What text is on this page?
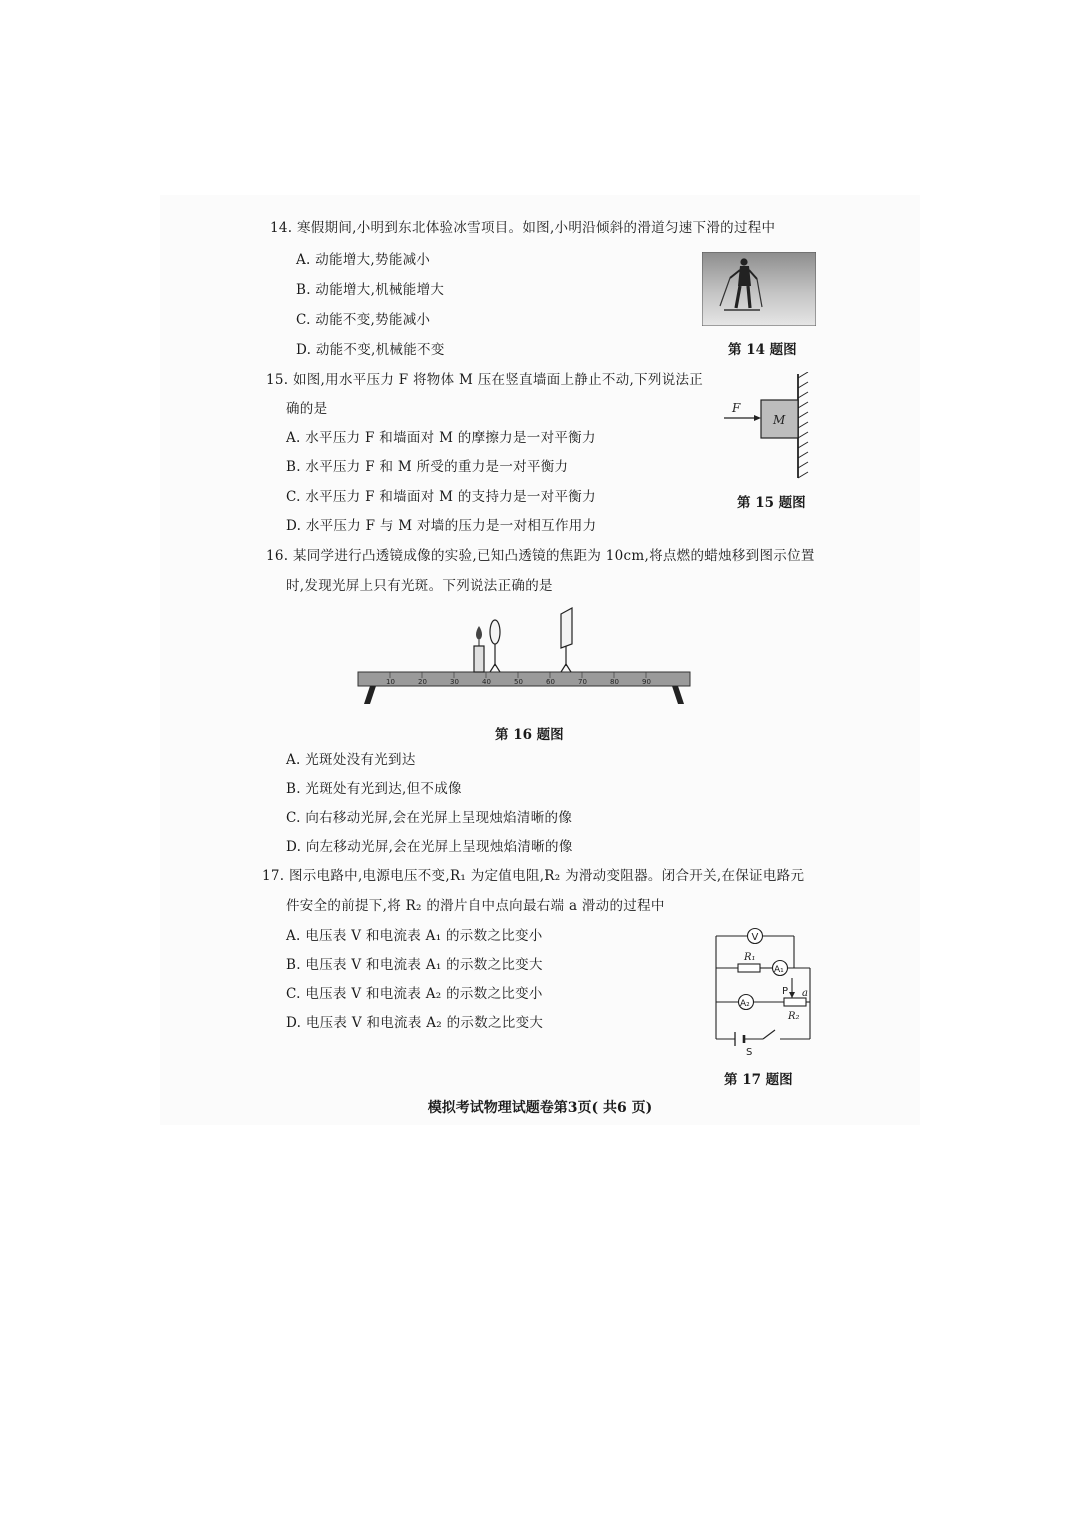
14. 寒假期间,小明到东北体验冰雪项目。如图,小明沿倾斜的滑道匀速下滑的过程中
A. 动能增大,势能减小
B. 动能增大,机械能增大
C. 动能不变,势能减小
D. 动能不变,机械能不变	第 14 题图
15. 如图,用水平压力 F 将物体 M 压在竖直墙面上静止不动,下列说法正
确的是
A. 水平压力 F 和墙面对 M 的摩擦力是一对平衡力
B. 水平压力 F 和 M 所受的重力是一对平衡力
C. 水平压力 F 和墙面对 M 的支持力是一对平衡力
D. 水平压力 F 与 M 对墙的压力是一对相互作用力
F
M
第 15 题图
16. 某同学进行凸透镜成像的实验,已知凸透镜的焦距为 10cm,将点燃的蜡烛移到图示位置
时,发现光屏上只有光斑。下列说法正确的是
10	20	30	40	50	60	70	80	90
第 16 题图
A. 光斑处没有光到达
B. 光斑处有光到达,但不成像
C. 向右移动光屏,会在光屏上呈现烛焰清晰的像
D. 向左移动光屏,会在光屏上呈现烛焰清晰的像
17. 图示电路中,电源电压不变,R₁ 为定值电阻,R₂ 为滑动变阻器。闭合开关,在保证电路元
件安全的前提下,将 R₂ 的滑片自中点向最右端 a 滑动的过程中
A. 电压表 V 和电流表 A₁ 的示数之比变小
B. 电压表 V 和电流表 A₁ 的示数之比变大
C. 电压表 V 和电流表 A₂ 的示数之比变小
D. 电压表 V 和电流表 A₂ 的示数之比变大
V
R₁
A₁
A₂
P a
R₂
S
第 17 题图
模拟考试物理试题卷第3页( 共6 页)
